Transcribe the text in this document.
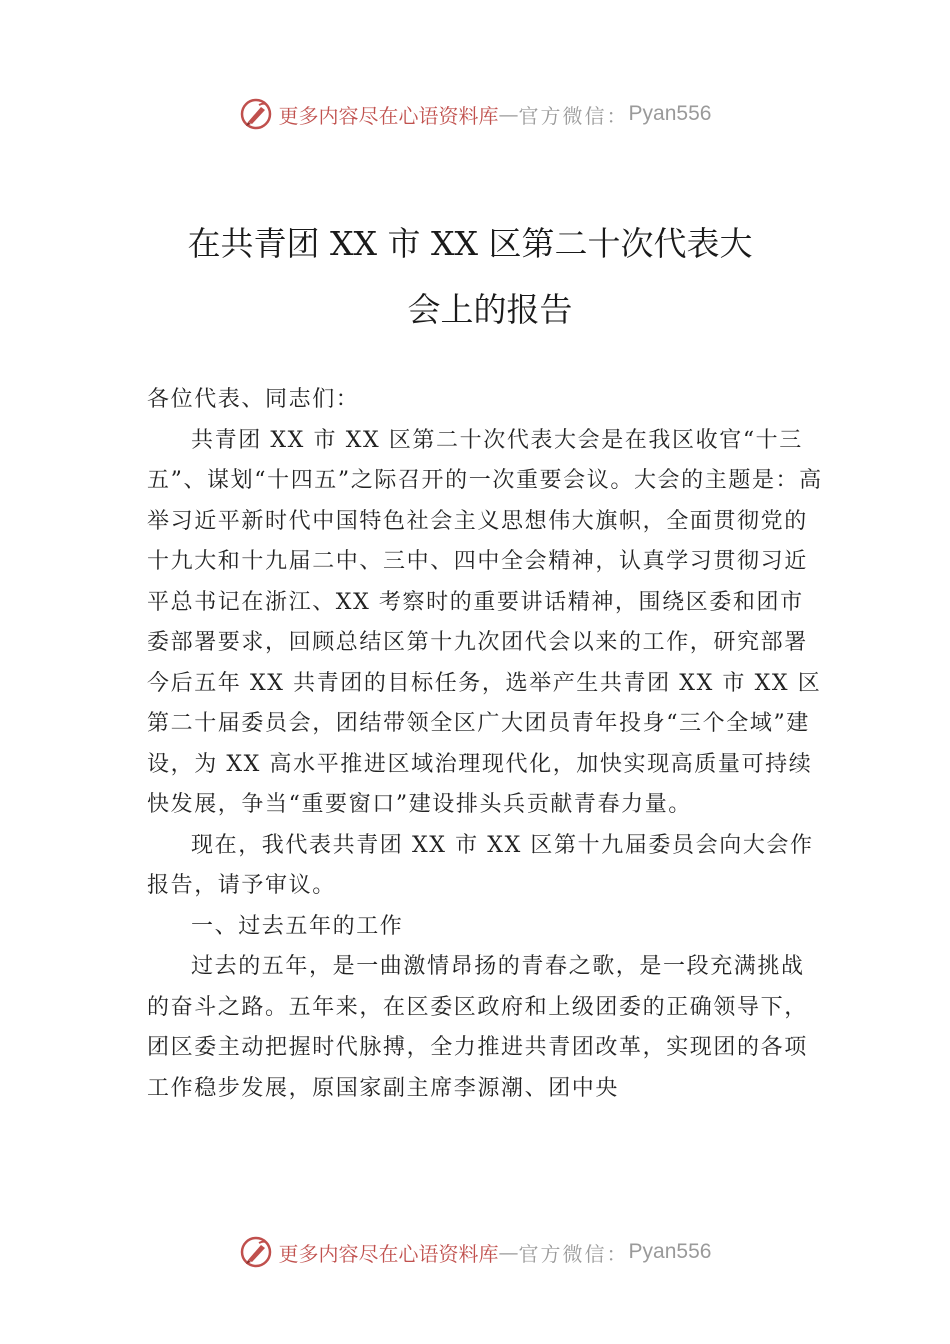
更多内容尽在心语资料库 — 官方微信： Pyan556
在共青团 XX 市 XX 区第二十次代表大
会上的报告

各位代表、同志们：

共青团 XX 市 XX 区第二十次代表大会是在我区收官“十三五”、谋划“十四五”之际召开的一次重要会议。大会的主题是：高举习近平新时代中国特色社会主义思想伟大旗帜，全面贯彻党的十九大和十九届二中、三中、四中全会精神，认真学习贯彻习近平总书记在浙江、XX 考察时的重要讲话精神，围绕区委和团市委部署要求，回顾总结区第十九次团代会以来的工作，研究部署今后五年 XX 共青团的目标任务，选举产生共青团 XX 市 XX 区第二十届委员会，团结带领全区广大团员青年投身“三个全域”建设，为 XX 高水平推进区域治理现代化，加快实现高质量可持续快发展，争当“重要窗口”建设排头兵贡献青春力量。

现在，我代表共青团 XX 市 XX 区第十九届委员会向大会作报告，请予审议。

一、过去五年的工作

过去的五年，是一曲激情昂扬的青春之歌，是一段充满挑战的奋斗之路。五年来，在区委区政府和上级团委的正确领导下，团区委主动把握时代脉搏，全力推进共青团改革，实现团的各项工作稳步发展，原国家副主席李源潮、团中央

更多内容尽在心语资料库 — 官方微信： Pyan556
